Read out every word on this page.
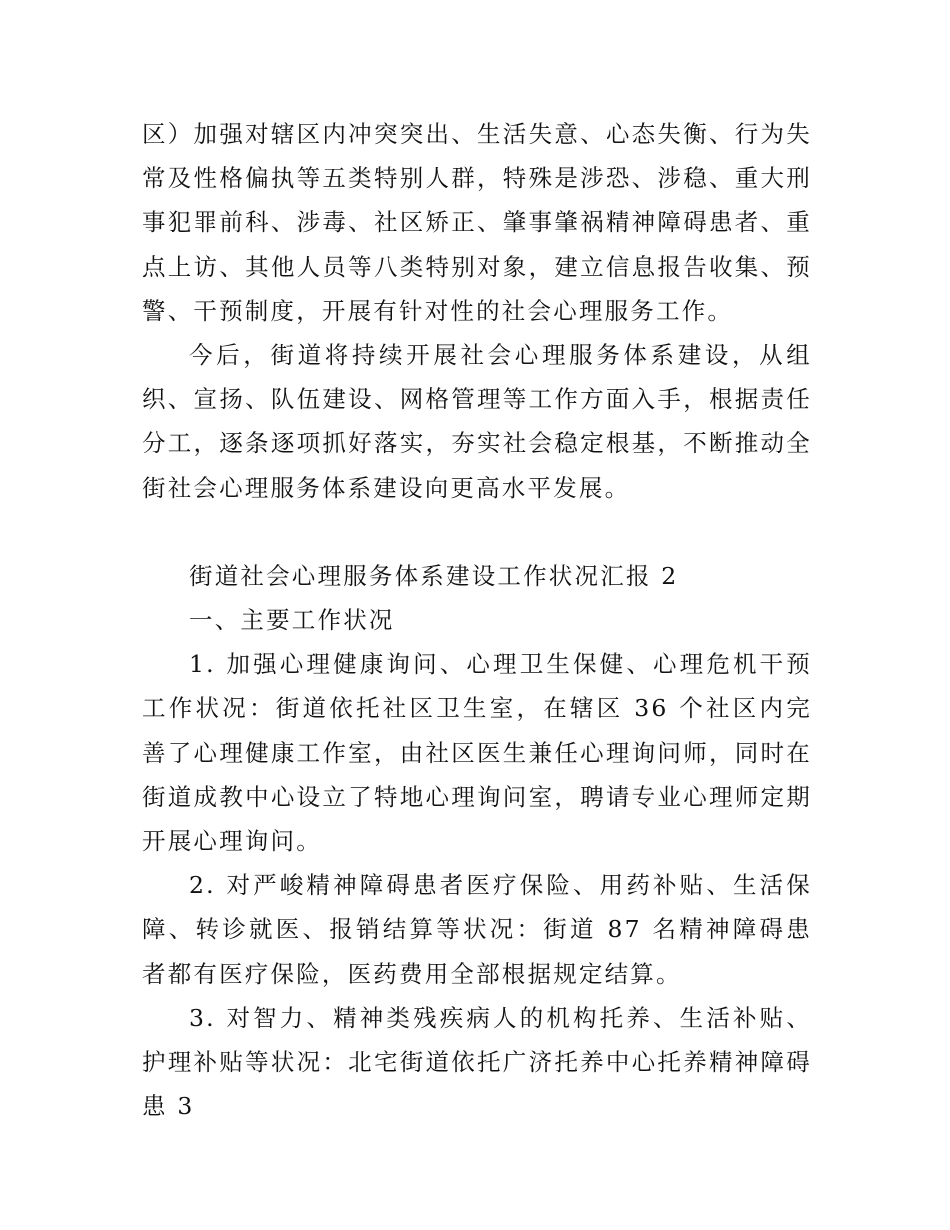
区）加强对辖区内冲突突出、生活失意、心态失衡、行为失常及性格偏执等五类特别人群，特殊是涉恐、涉稳、重大刑事犯罪前科、涉毒、社区矫正、肇事肇祸精神障碍患者、重点上访、其他人员等八类特别对象，建立信息报告收集、预警、干预制度，开展有针对性的社会心理服务工作。

今后，街道将持续开展社会心理服务体系建设，从组织、宣扬、队伍建设、网格管理等工作方面入手，根据责任分工，逐条逐项抓好落实，夯实社会稳定根基，不断推动全街社会心理服务体系建设向更高水平发展。

街道社会心理服务体系建设工作状况汇报 2

一、主要工作状况

1. 加强心理健康询问、心理卫生保健、心理危机干预工作状况：街道依托社区卫生室，在辖区 36 个社区内完善了心理健康工作室，由社区医生兼任心理询问师，同时在街道成教中心设立了特地心理询问室，聘请专业心理师定期开展心理询问。

2. 对严峻精神障碍患者医疗保险、用药补贴、生活保障、转诊就医、报销结算等状况：街道 87 名精神障碍患者都有医疗保险，医药费用全部根据规定结算。

3. 对智力、精神类残疾病人的机构托养、生活补贴、护理补贴等状况：北宅街道依托广济托养中心托养精神障碍患 3
